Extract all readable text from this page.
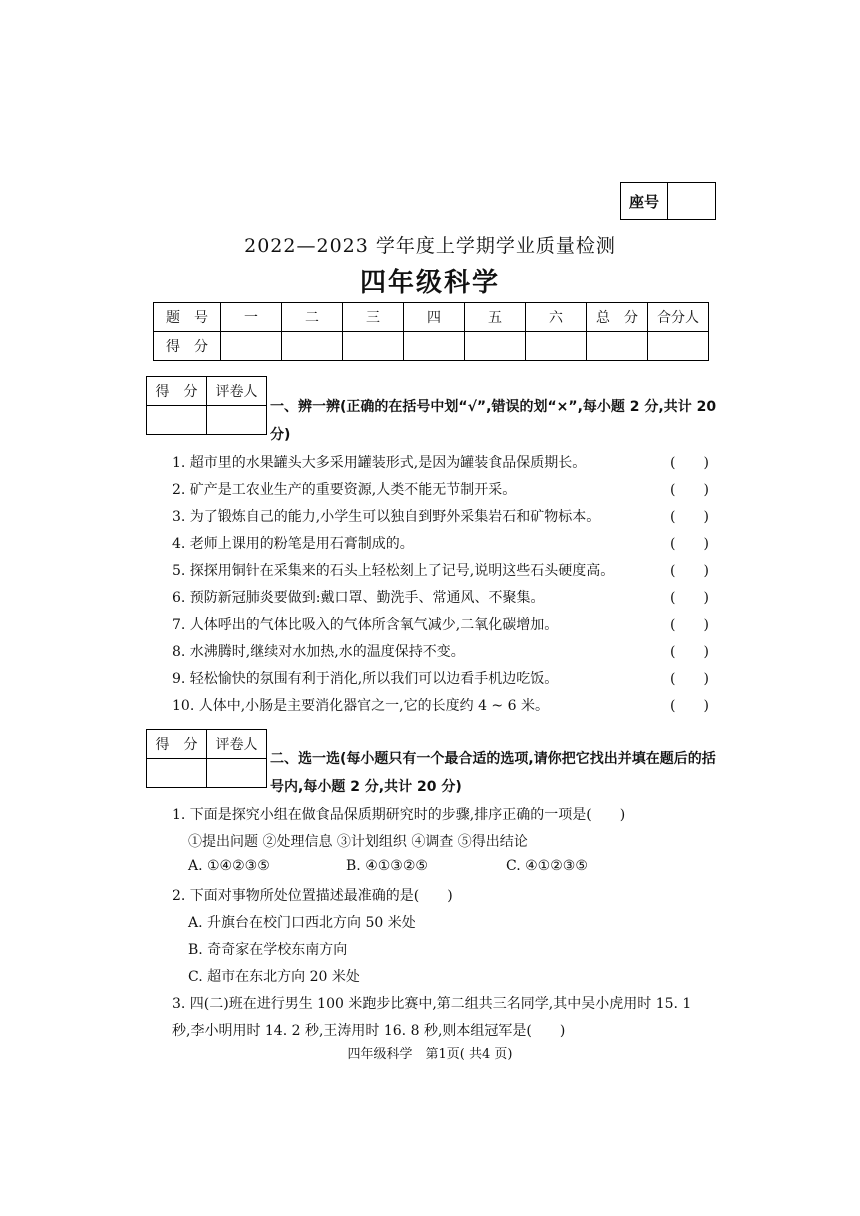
座号
2022—2023 学年度上学期学业质量检测
四年级科学
题　号	一	二	三	四	五	六	总　分	合分人
得　分								
得　分	评卷人

一、辨一辨(正确的在括号中划“√”,错误的划“×”,每小题 2 分,共计 20 分)
1. 超市里的水果罐头大多采用罐装形式,是因为罐装食品保质期长。	(　　)
2. 矿产是工农业生产的重要资源,人类不能无节制开采。	(　　)
3. 为了锻炼自己的能力,小学生可以独自到野外采集岩石和矿物标本。	(　　)
4. 老师上课用的粉笔是用石膏制成的。	(　　)
5. 探探用铜针在采集来的石头上轻松刻上了记号,说明这些石头硬度高。	(　　)
6. 预防新冠肺炎要做到:戴口罩、勤洗手、常通风、不聚集。	(　　)
7. 人体呼出的气体比吸入的气体所含氧气减少,二氧化碳增加。	(　　)
8. 水沸腾时,继续对水加热,水的温度保持不变。	(　　)
9. 轻松愉快的氛围有利于消化,所以我们可以边看手机边吃饭。	(　　)
10. 人体中,小肠是主要消化器官之一,它的长度约 4 ~ 6 米。	(　　)
得　分	评卷人

二、选一选(每小题只有一个最合适的选项,请你把它找出并填在题后的括号内,每小题 2 分,共计 20 分)
1. 下面是探究小组在做食品保质期研究时的步骤,排序正确的一项是(　　)
①提出问题 ②处理信息 ③计划组织 ④调查 ⑤得出结论
A. ①④②③⑤	B. ④①③②⑤	C. ④①②③⑤
2. 下面对事物所处位置描述最准确的是(　　)
A. 升旗台在校门口西北方向 50 米处
B. 奇奇家在学校东南方向
C. 超市在东北方向 20 米处
3. 四(二)班在进行男生 100 米跑步比赛中,第二组共三名同学,其中吴小虎用时 15. 1
秒,李小明用时 14. 2 秒,王涛用时 16. 8 秒,则本组冠军是(　　)
四年级科学　第1页( 共4 页)
